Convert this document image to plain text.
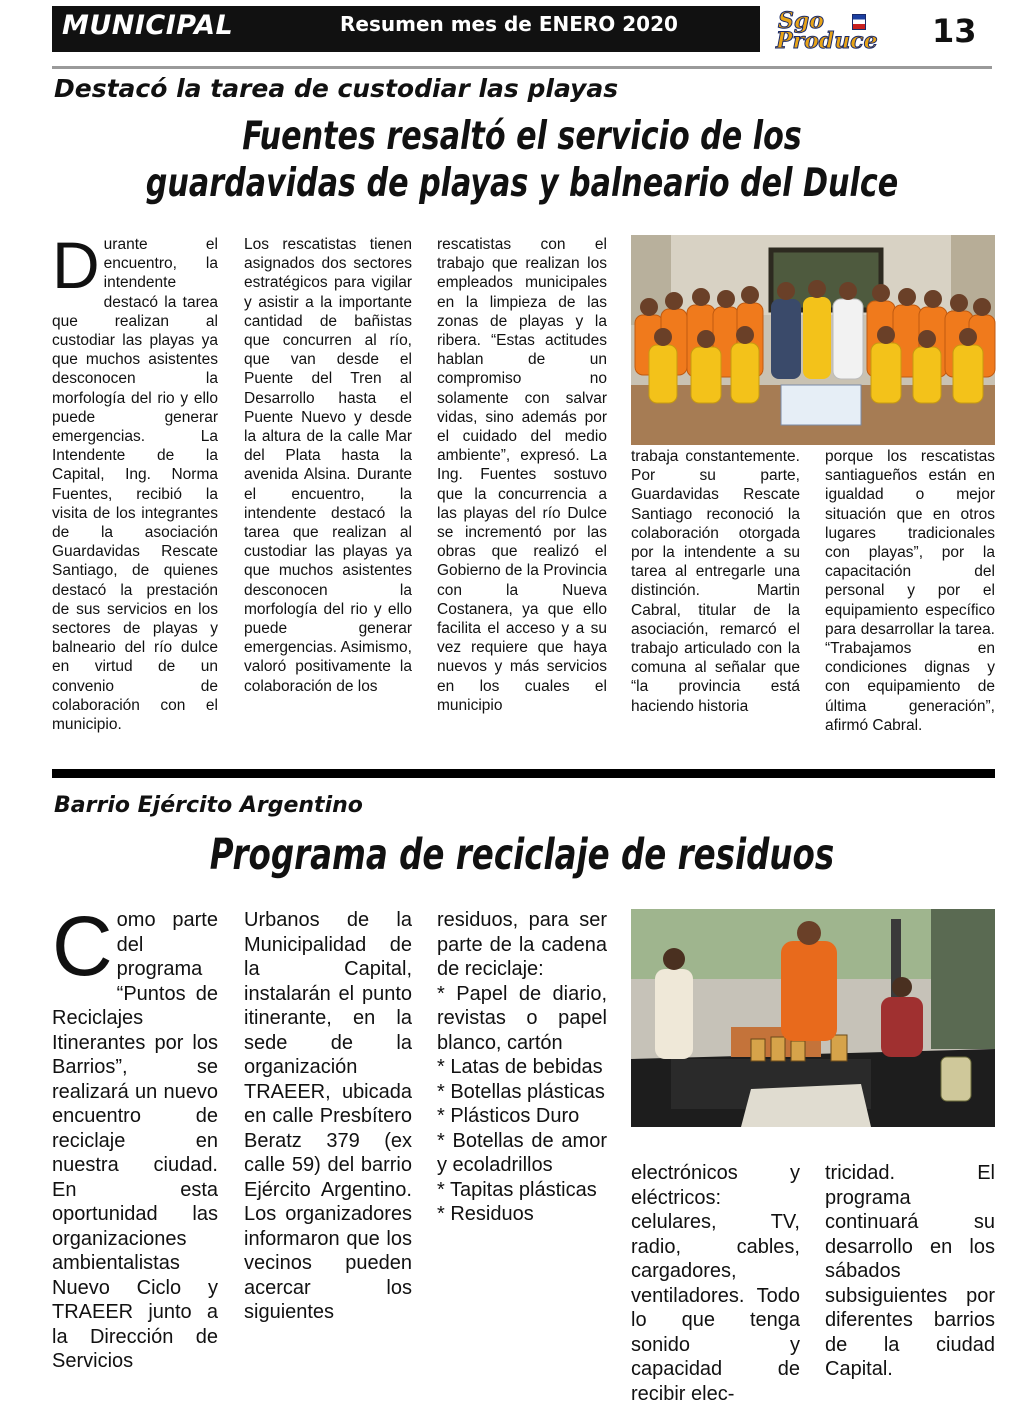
MUNICIPAL	Resumen mes de ENERO 2020	Sgo
Produce 13
Destacó la tarea de custodiar las playas
Fuentes resaltó el servicio de los
guardavidas de playas y balneario del Dulce
D urante el encuentro, la intendente destacó la tarea que realizan al custodiar las playas ya que muchos asistentes desconocen la morfología del rio y ello puede generar emergencias. La Intendente de la Capital, Ing. Norma Fuentes, recibió la visita de los integrantes de la asociación Guardavidas Rescate Santiago, de quienes destacó la prestación de sus servicios en los sectores de playas y balneario del río dulce en virtud de un convenio de colaboración con el municipio.

Los rescatistas tienen asignados dos sectores estratégicos para vigilar y asistir a la importante cantidad de bañistas que concurren al río, que van desde el Puente del Tren al Desarrollo hasta el Puente Nuevo y desde la altura de la calle Mar del Plata hasta la avenida Alsina. Durante el encuentro, la intendente destacó la tarea que realizan al custodiar las playas ya que muchos asistentes desconocen la morfología del rio y ello puede generar emergencias. Asimismo, valoró positivamente la colaboración de los

rescatistas con el trabajo que realizan los empleados municipales en la limpieza de las zonas de playas y la ribera. “Estas actitudes hablan de un compromiso no solamente con salvar vidas, sino además por el cuidado del medio ambiente”, expresó. La Ing. Fuentes sostuvo que la concurrencia a las playas del río Dulce se incrementó por las obras que realizó el Gobierno de la Provincia con la Nueva Costanera, ya que ello facilita el acceso y a su vez requiere que haya nuevos y más servicios en los cuales el municipio

trabaja constantemente. Por su parte, Guardavidas Rescate Santiago reconoció la colaboración otorgada por la intendente a su tarea al entregarle una distinción. Martin Cabral, titular de la asociación, remarcó el trabajo articulado con la comuna al señalar que “la provincia está haciendo historia

porque los rescatistas santiagueños están en igualdad o mejor situación que en otros lugares tradicionales con playas”, por la capacitación del personal y por el equipamiento específico para desarrollar la tarea. “Trabajamos en condiciones dignas y con equipamiento de última generación”, afirmó Cabral.

Barrio Ejército Argentino
Programa de reciclaje de residuos
C omo parte del programa “Puntos de Reciclajes Itinerantes por los Barrios”, se realizará un nuevo encuentro de reciclaje en nuestra ciudad. En esta oportunidad las organizaciones ambientalistas Nuevo Ciclo y TRAEER junto a la Dirección de Servicios

Urbanos de la Municipalidad de la Capital, instalarán el punto itinerante, en la sede de la organización TRAEER, ubicada en calle Presbítero Beratz 379 (ex calle 59) del barrio Ejército Argentino. Los organizadores informaron que los vecinos pueden acercar los siguientes

residuos, para ser parte de la cadena de reciclaje:

* Papel de diario, revistas o papel blanco, cartón

* Latas de bebidas

* Botellas plásticas

* Plásticos Duro

* Botellas de amor y ecoladrillos

* Tapitas plásticas

* Residuos

electrónicos y eléctricos: celulares, TV, radio, cables, cargadores, ventiladores. Todo lo que tenga sonido y capacidad de recibir elec-

tricidad. El programa continuará su desarrollo en los sábados subsiguientes por diferentes barrios de la ciudad Capital.
